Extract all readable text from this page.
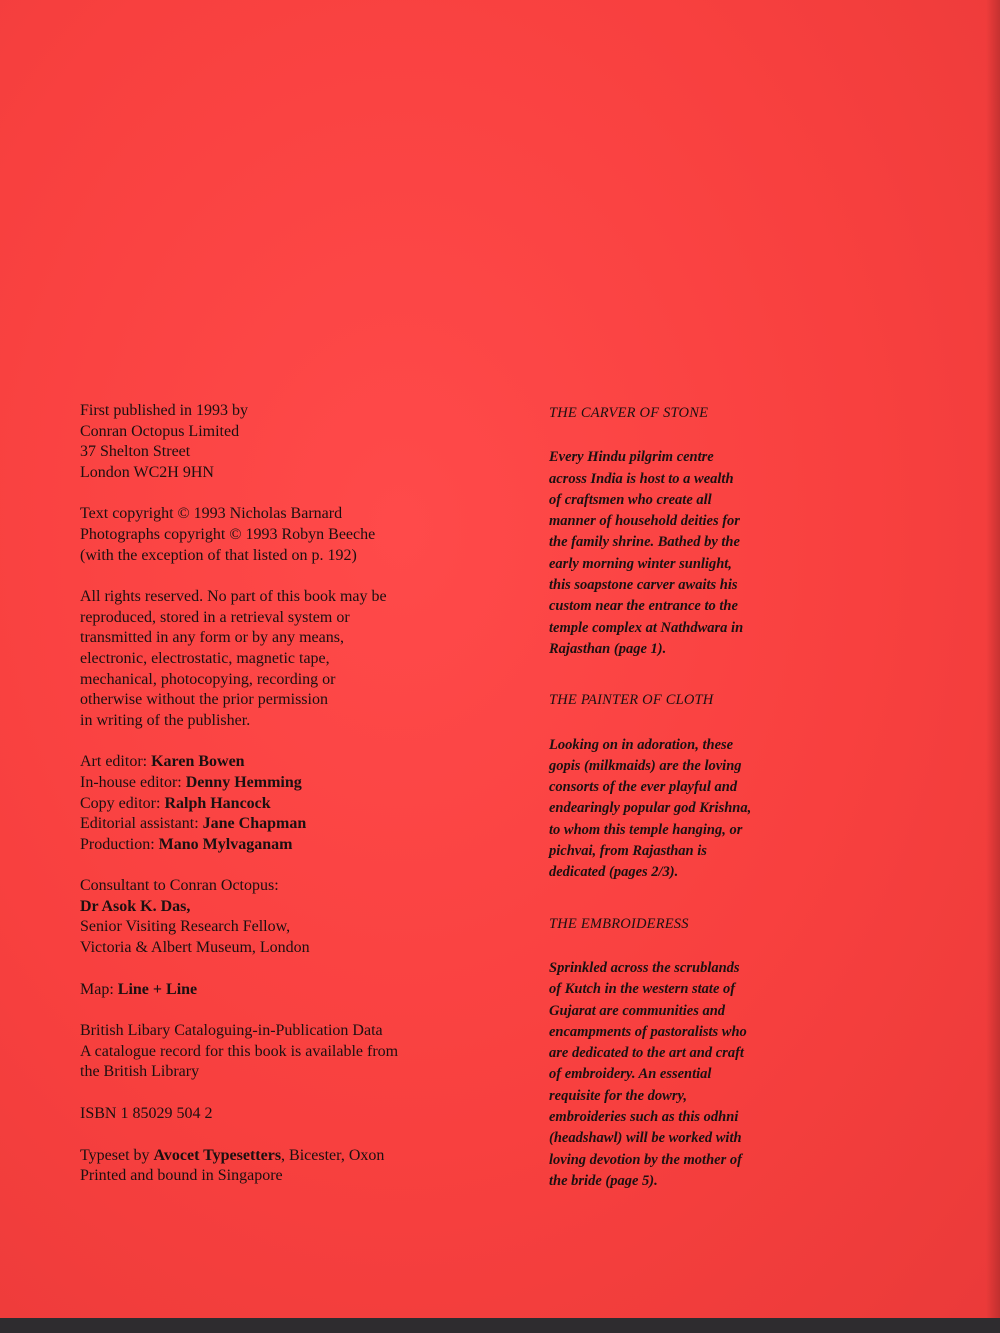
First published in 1993 by
Conran Octopus Limited
37 Shelton Street
London WC2H 9HN

Text copyright © 1993 Nicholas Barnard
Photographs copyright © 1993 Robyn Beeche
(with the exception of that listed on p. 192)

All rights reserved. No part of this book may be
reproduced, stored in a retrieval system or
transmitted in any form or by any means,
electronic, electrostatic, magnetic tape,
mechanical, photocopying, recording or
otherwise without the prior permission
in writing of the publisher.

Art editor: Karen Bowen
In-house editor: Denny Hemming
Copy editor: Ralph Hancock
Editorial assistant: Jane Chapman
Production: Mano Mylvaganam

Consultant to Conran Octopus:
Dr Asok K. Das,
Senior Visiting Research Fellow,
Victoria & Albert Museum, London

Map: Line + Line

British Libary Cataloguing-in-Publication Data
A catalogue record for this book is available from
the British Library

ISBN 1 85029 504 2

Typeset by Avocet Typesetters, Bicester, Oxon
Printed and bound in Singapore

THE CARVER OF STONE
Every Hindu pilgrim centre
across India is host to a wealth
of craftsmen who create all
manner of household deities for
the family shrine. Bathed by the
early morning winter sunlight,
this soapstone carver awaits his
custom near the entrance to the
temple complex at Nathdwara in
Rajasthan (page 1).
THE PAINTER OF CLOTH
Looking on in adoration, these
gopis (milkmaids) are the loving
consorts of the ever playful and
endearingly popular god Krishna,
to whom this temple hanging, or
pichvai, from Rajasthan is
dedicated (pages 2/3).
THE EMBROIDERESS
Sprinkled across the scrublands
of Kutch in the western state of
Gujarat are communities and
encampments of pastoralists who
are dedicated to the art and craft
of embroidery. An essential
requisite for the dowry,
embroideries such as this odhni
(headshawl) will be worked with
loving devotion by the mother of
the bride (page 5).
